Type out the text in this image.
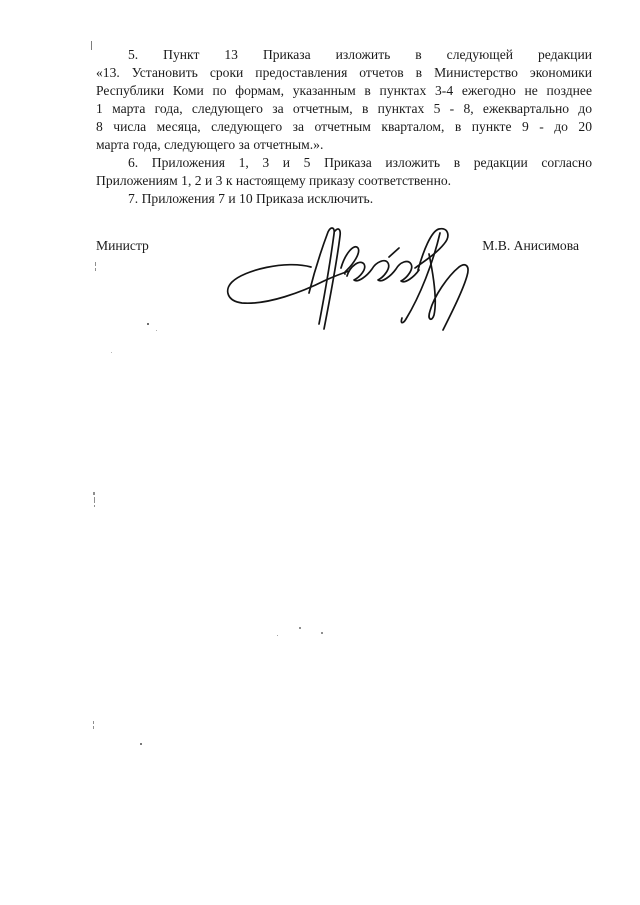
5. Пункт 13 Приказа изложить в следующей редакции

«13. Установить сроки предоставления отчетов в Министерство экономики

Республики Коми по формам, указанным в пунктах 3-4 ежегодно не позднее

1 марта года, следующего за отчетным, в пунктах 5 - 8, ежеквартально до

8 числа месяца, следующего за отчетным кварталом, в пункте 9 - до 20

марта года, следующего за отчетным.».

6. Приложения 1, 3 и 5 Приказа изложить в редакции согласно

Приложениям 1, 2 и 3 к настоящему приказу соответственно.

7. Приложения 7 и 10 Приказа исключить.

Министр	М.В. Анисимова
